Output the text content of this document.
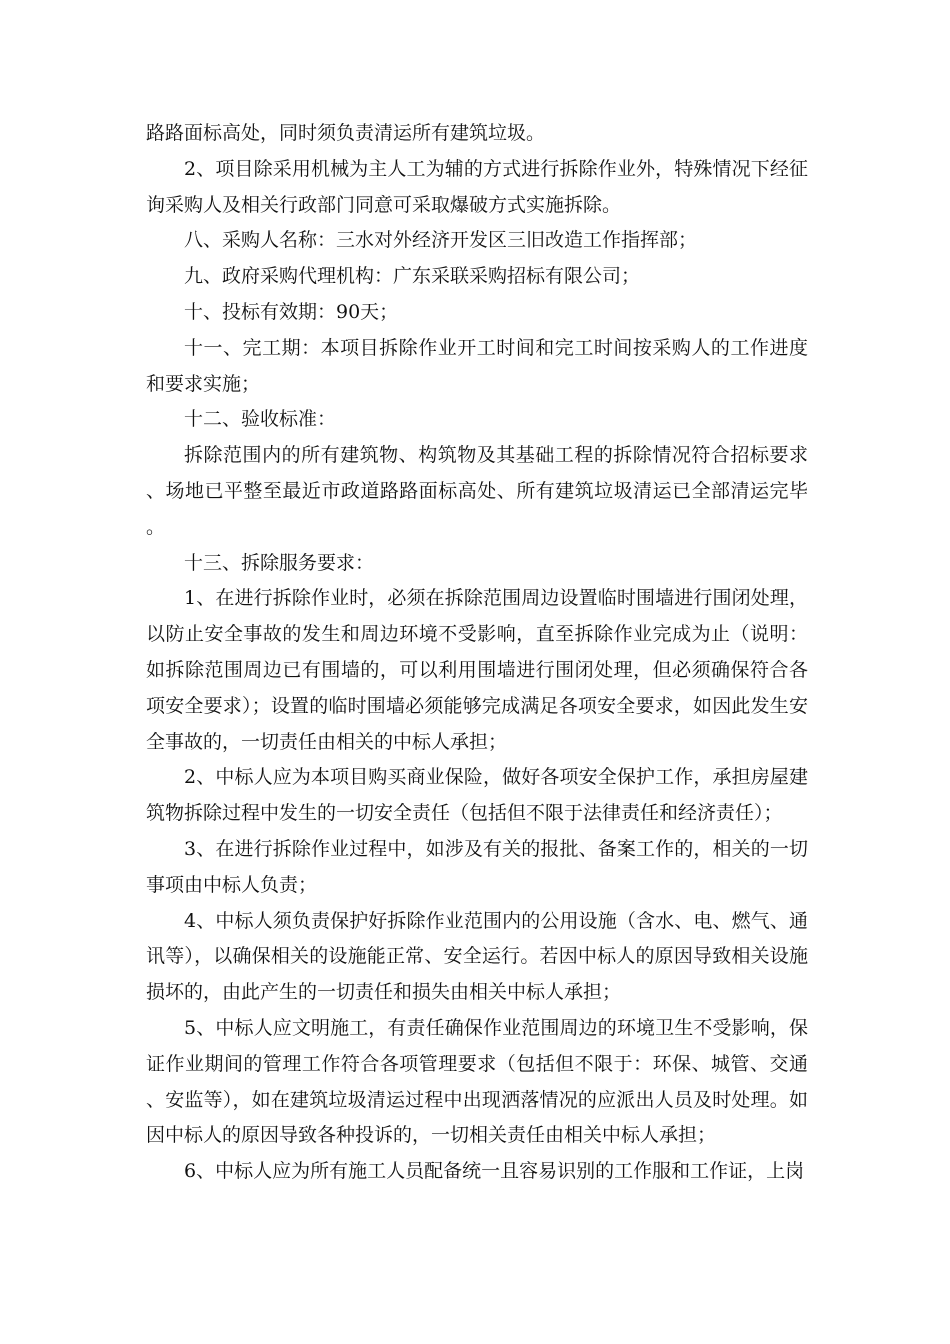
路路面标高处，同时须负责清运所有建筑垃圾。

2、项目除采用机械为主人工为辅的方式进行拆除作业外，特殊情况下经征询采购人及相关行政部门同意可采取爆破方式实施拆除。

八、采购人名称：三水对外经济开发区三旧改造工作指挥部；

九、政府采购代理机构：广东采联采购招标有限公司；

十、投标有效期：90天；

十一、完工期：本项目拆除作业开工时间和完工时间按采购人的工作进度和要求实施；

十二、验收标准：

拆除范围内的所有建筑物、构筑物及其基础工程的拆除情况符合招标要求、场地已平整至最近市政道路路面标高处、所有建筑垃圾清运已全部清运完毕。

十三、拆除服务要求：

1、在进行拆除作业时，必须在拆除范围周边设置临时围墙进行围闭处理，以防止安全事故的发生和周边环境不受影响，直至拆除作业完成为止（说明：如拆除范围周边已有围墙的，可以利用围墙进行围闭处理，但必须确保符合各项安全要求）；设置的临时围墙必须能够完成满足各项安全要求，如因此发生安全事故的，一切责任由相关的中标人承担；

2、中标人应为本项目购买商业保险，做好各项安全保护工作，承担房屋建筑物拆除过程中发生的一切安全责任（包括但不限于法律责任和经济责任）；

3、在进行拆除作业过程中，如涉及有关的报批、备案工作的，相关的一切事项由中标人负责；

4、中标人须负责保护好拆除作业范围内的公用设施（含水、电、燃气、通讯等），以确保相关的设施能正常、安全运行。若因中标人的原因导致相关设施损坏的，由此产生的一切责任和损失由相关中标人承担；

5、中标人应文明施工，有责任确保作业范围周边的环境卫生不受影响，保证作业期间的管理工作符合各项管理要求（包括但不限于：环保、城管、交通、安监等），如在建筑垃圾清运过程中出现洒落情况的应派出人员及时处理。如因中标人的原因导致各种投诉的，一切相关责任由相关中标人承担；

6、中标人应为所有施工人员配备统一且容易识别的工作服和工作证，上岗
